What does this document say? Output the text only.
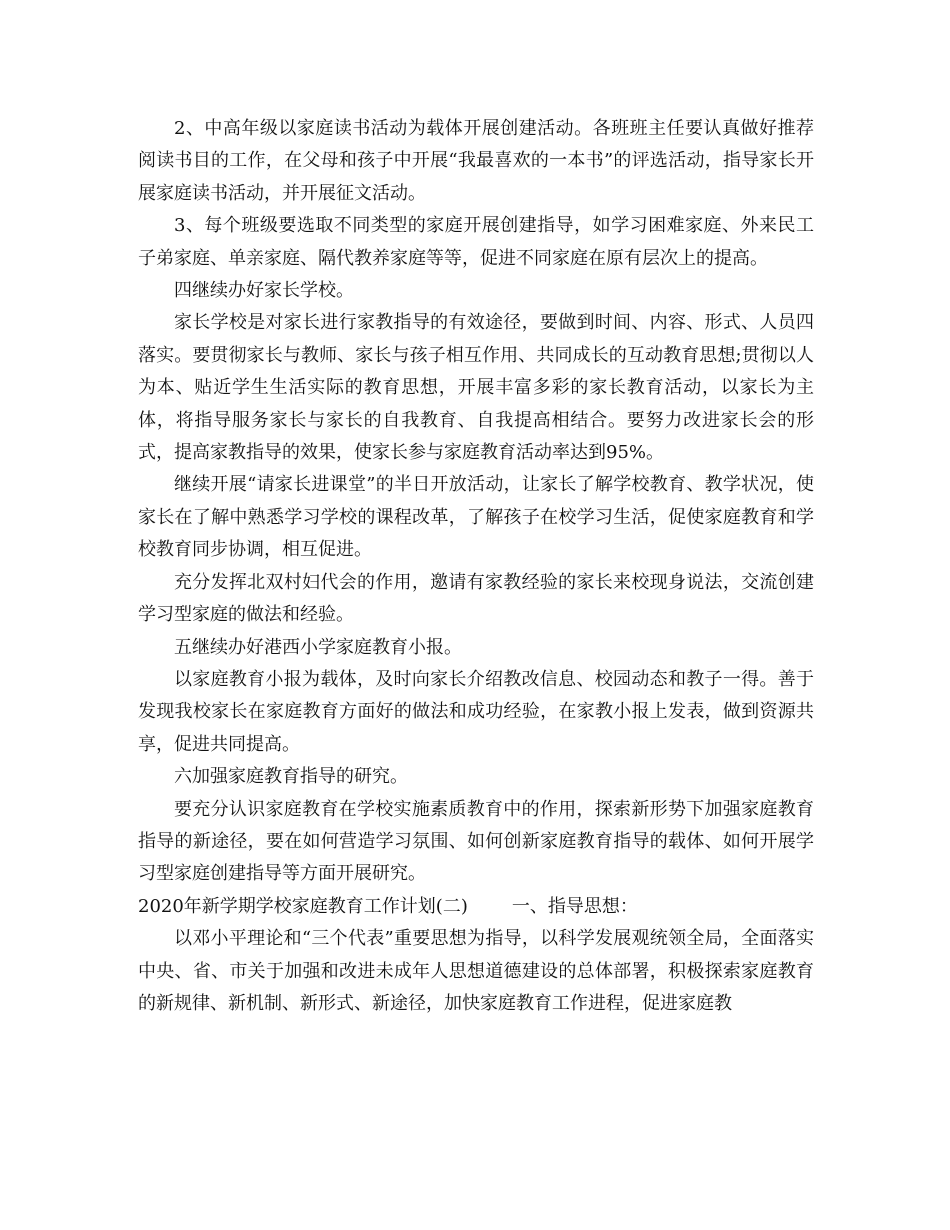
2、中高年级以家庭读书活动为载体开展创建活动。各班班主任要认真做好推荐阅读书目的工作，在父母和孩子中开展“我最喜欢的一本书”的评选活动，指导家长开展家庭读书活动，并开展征文活动。

3、每个班级要选取不同类型的家庭开展创建指导，如学习困难家庭、外来民工子弟家庭、单亲家庭、隔代教养家庭等等，促进不同家庭在原有层次上的提高。

四继续办好家长学校。

家长学校是对家长进行家教指导的有效途径，要做到时间、内容、形式、人员四落实。要贯彻家长与教师、家长与孩子相互作用、共同成长的互动教育思想;贯彻以人为本、贴近学生生活实际的教育思想，开展丰富多彩的家长教育活动，以家长为主体，将指导服务家长与家长的自我教育、自我提高相结合。要努力改进家长会的形式，提高家教指导的效果，使家长参与家庭教育活动率达到95%。

继续开展“请家长进课堂”的半日开放活动，让家长了解学校教育、教学状况，使家长在了解中熟悉学习学校的课程改革，了解孩子在校学习生活，促使家庭教育和学校教育同步协调，相互促进。

充分发挥北双村妇代会的作用，邀请有家教经验的家长来校现身说法，交流创建学习型家庭的做法和经验。

五继续办好港西小学家庭教育小报。

以家庭教育小报为载体，及时向家长介绍教改信息、校园动态和教子一得。善于发现我校家长在家庭教育方面好的做法和成功经验，在家教小报上发表，做到资源共享，促进共同提高。

六加强家庭教育指导的研究。

要充分认识家庭教育在学校实施素质教育中的作用，探索新形势下加强家庭教育指导的新途径，要在如何营造学习氛围、如何创新家庭教育指导的载体、如何开展学习型家庭创建指导等方面开展研究。

2020年新学期学校家庭教育工作计划(二) 一、指导思想：

以邓小平理论和“三个代表”重要思想为指导，以科学发展观统领全局，全面落实中央、省、市关于加强和改进未成年人思想道德建设的总体部署，积极探索家庭教育的新规律、新机制、新形式、新途径，加快家庭教育工作进程，促进家庭教
